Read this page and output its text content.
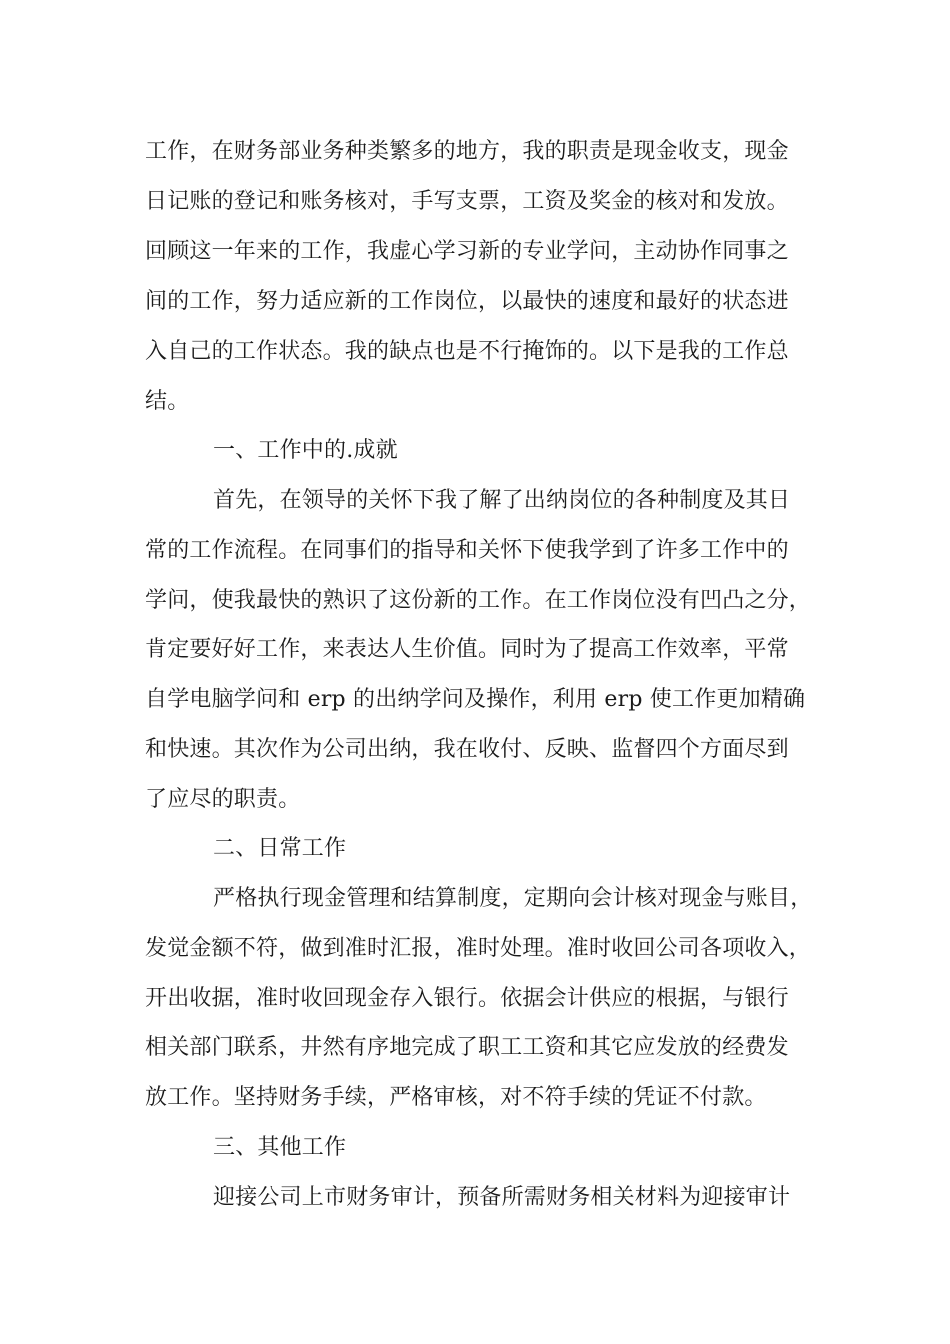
工作，在财务部业务种类繁多的地方，我的职责是现金收支，现金
日记账的登记和账务核对，手写支票，工资及奖金的核对和发放。
回顾这一年来的工作，我虚心学习新的专业学问，主动协作同事之
间的工作，努力适应新的工作岗位，以最快的速度和最好的状态进
入自己的工作状态。我的缺点也是不行掩饰的。以下是我的工作总
结。
一、工作中的.成就
首先，在领导的关怀下我了解了出纳岗位的各种制度及其日
常的工作流程。在同事们的指导和关怀下使我学到了许多工作中的
学问，使我最快的熟识了这份新的工作。在工作岗位没有凹凸之分，
肯定要好好工作，来表达人生价值。同时为了提高工作效率，平常
自学电脑学问和 erp 的出纳学问及操作，利用 erp 使工作更加精确
和快速。其次作为公司出纳，我在收付、反映、监督四个方面尽到
了应尽的职责。
二、日常工作
严格执行现金管理和结算制度，定期向会计核对现金与账目，
发觉金额不符，做到准时汇报，准时处理。准时收回公司各项收入，
开出收据，准时收回现金存入银行。依据会计供应的根据，与银行
相关部门联系，井然有序地完成了职工工资和其它应发放的经费发
放工作。坚持财务手续，严格审核，对不符手续的凭证不付款。
三、其他工作
迎接公司上市财务审计，预备所需财务相关材料为迎接审计
